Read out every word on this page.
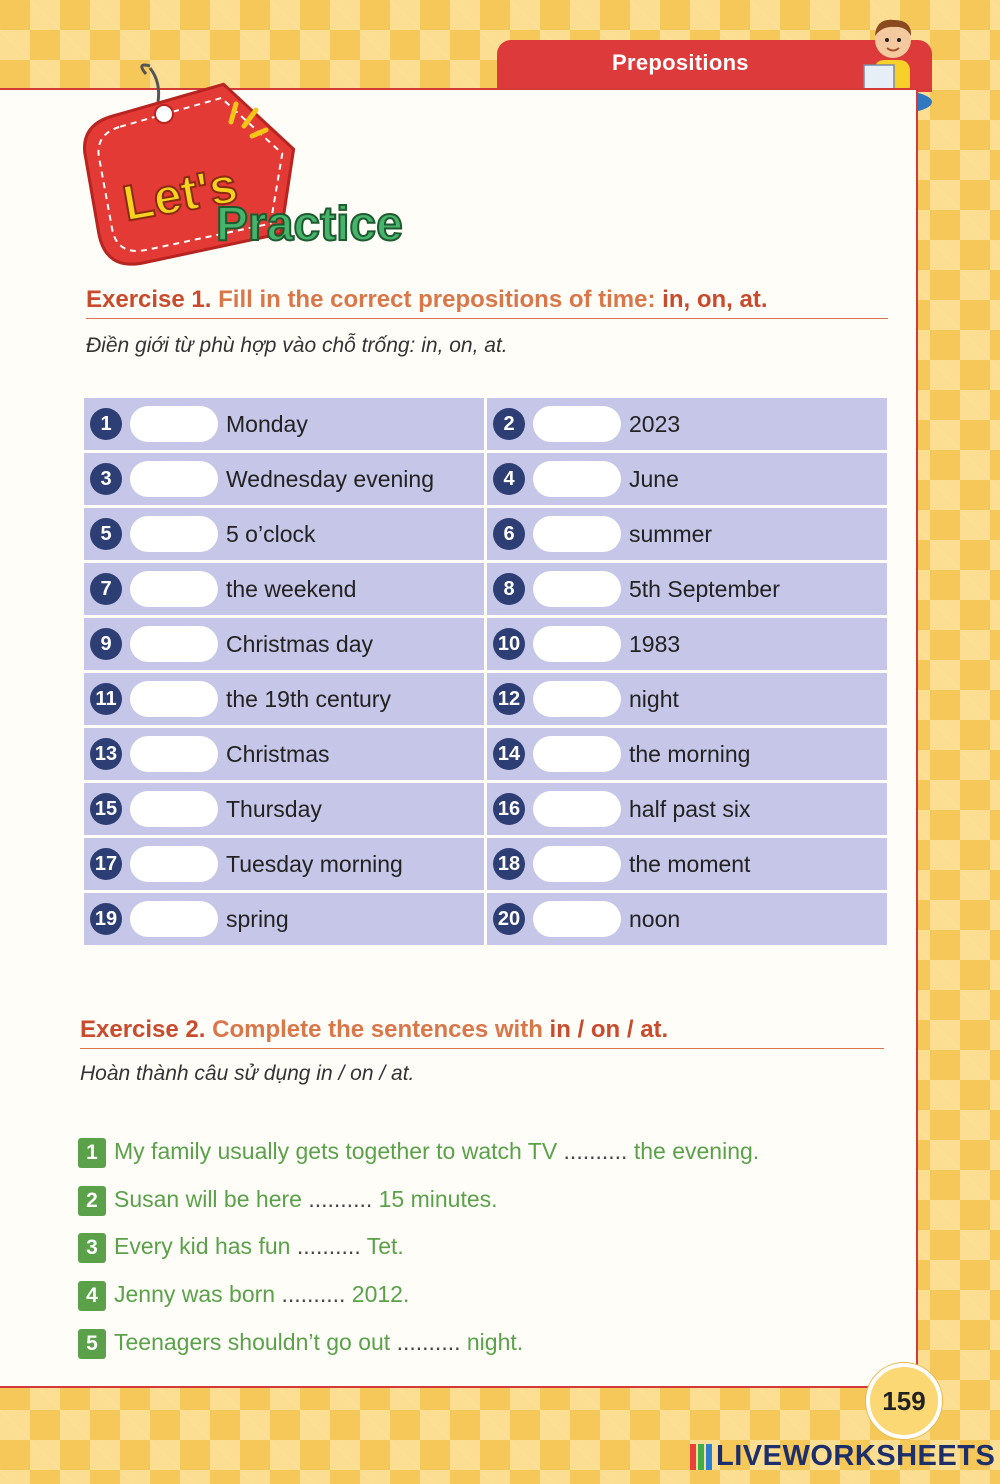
Prepositions
Let's
Practice
Exercise 1. Fill in the correct prepositions of time: in, on, at.
Điền giới từ phù hợp vào chỗ trống: in, on, at.
1	Monday	2	2023
3	Wednesday evening	4	June
5	5 o’clock	6	summer
7	the weekend	8	5th September
9	Christmas day	10	1983
11	the 19th century	12	night
13	Christmas	14	the morning
15	Thursday	16	half past six
17	Tuesday morning	18	the moment
19	spring	20	noon
Exercise 2. Complete the sentences with in / on / at.
Hoàn thành câu sử dụng in / on / at.
1 My family usually gets together to watch TV .......... the evening.
2 Susan will be here .......... 15 minutes.
3 Every kid has fun .......... Tet.
4 Jenny was born .......... 2012.
5 Teenagers shouldn’t go out .......... night.
159
LIVEWORKSHEETS
